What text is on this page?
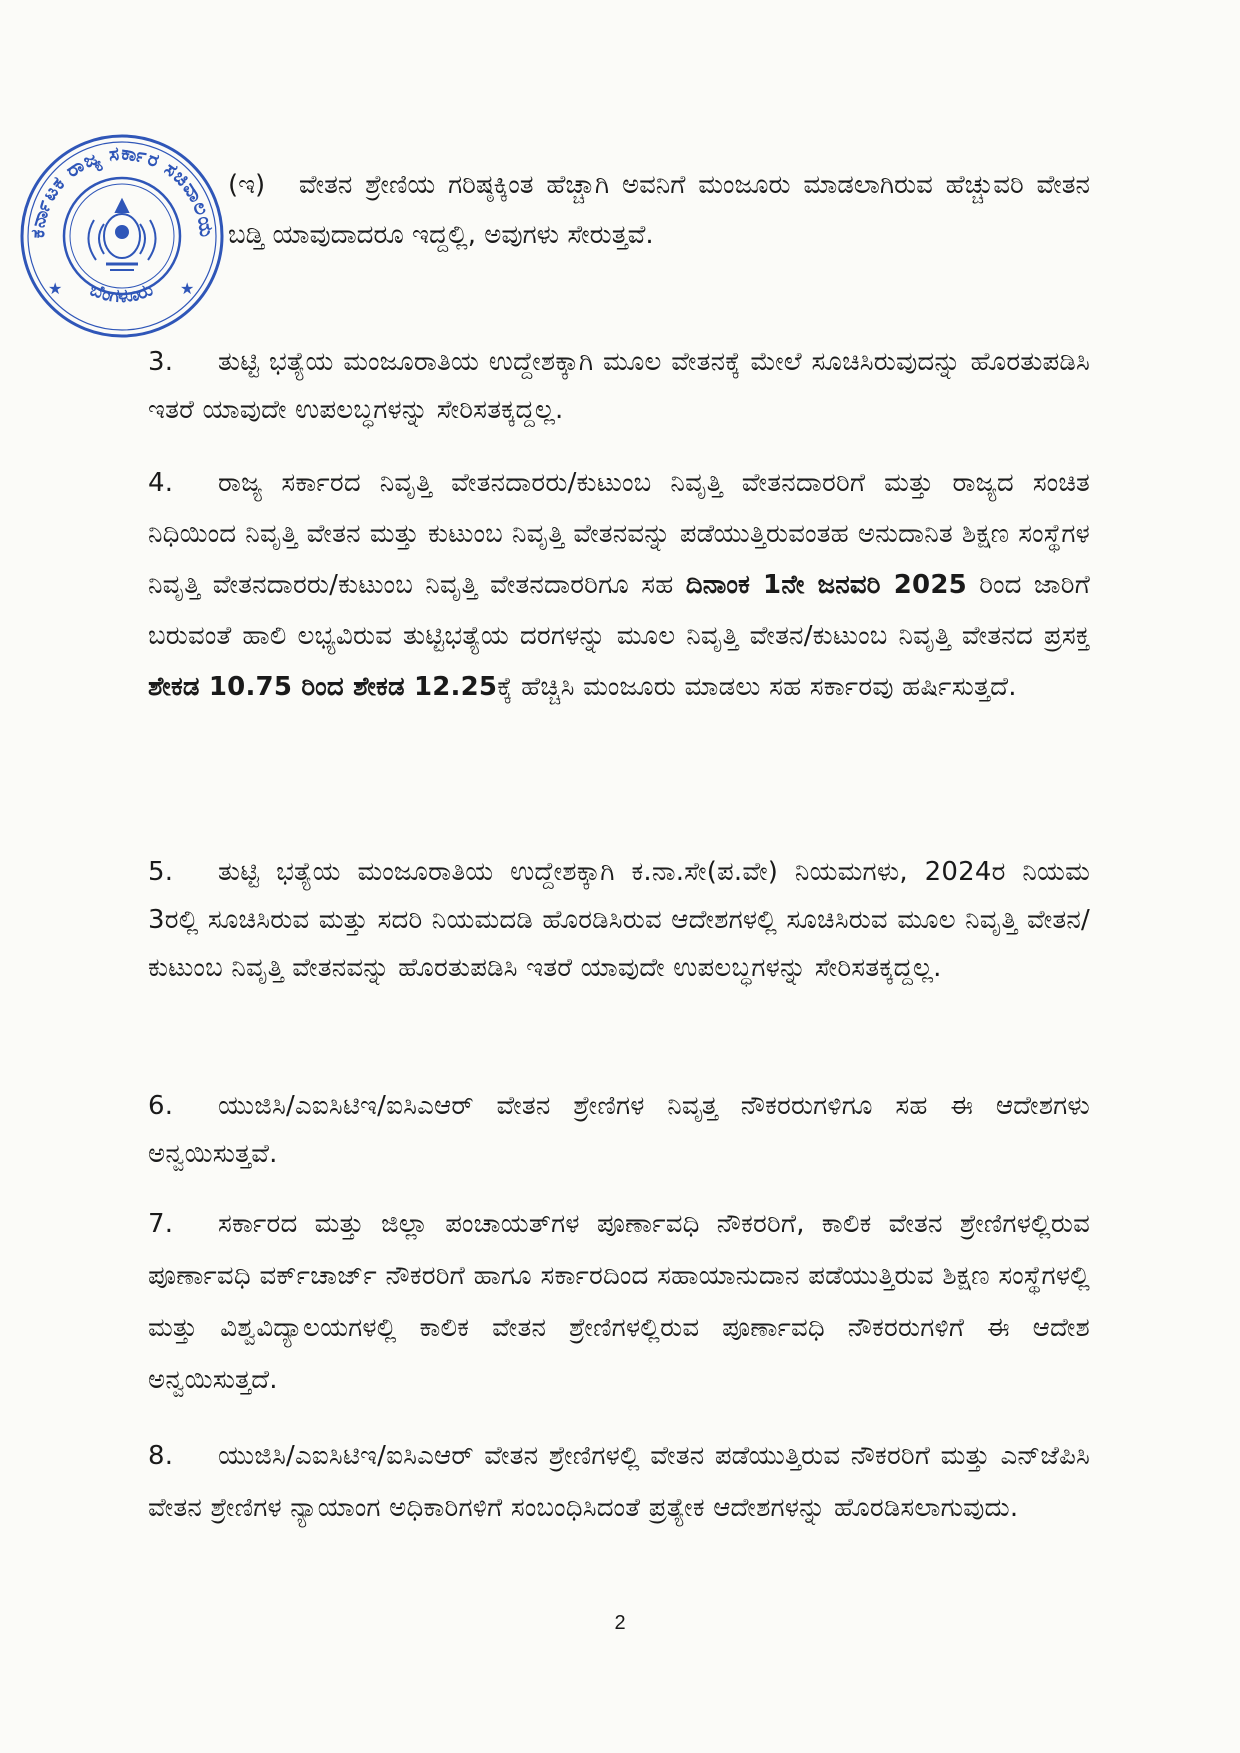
ಕರ್ನಾಟಕ ರಾಜ್ಯ ಸರ್ಕಾರ ಸಚಿವಾಲಯ
ಬೆಂಗಳೂರು
★	★
(ಇ) ವೇತನ ಶ್ರೇಣಿಯ ಗರಿಷ್ಠಕ್ಕಿಂತ ಹೆಚ್ಚಾಗಿ ಅವನಿಗೆ ಮಂಜೂರು ಮಾಡಲಾಗಿರುವ ಹೆಚ್ಚುವರಿ ವೇತನ ಬಡ್ತಿ ಯಾವುದಾದರೂ ಇದ್ದಲ್ಲಿ, ಅವುಗಳು ಸೇರುತ್ತವೆ.
3. ತುಟ್ಟಿ ಭತ್ಯೆಯ ಮಂಜೂರಾತಿಯ ಉದ್ದೇಶಕ್ಕಾಗಿ ಮೂಲ ವೇತನಕ್ಕೆ ಮೇಲೆ ಸೂಚಿಸಿರುವುದನ್ನು ಹೊರತುಪಡಿಸಿ ಇತರೆ ಯಾವುದೇ ಉಪಲಬ್ಧಗಳನ್ನು ಸೇರಿಸತಕ್ಕದ್ದಲ್ಲ.
4. ರಾಜ್ಯ ಸರ್ಕಾರದ ನಿವೃತ್ತಿ ವೇತನದಾರರು/ಕುಟುಂಬ ನಿವೃತ್ತಿ ವೇತನದಾರರಿಗೆ ಮತ್ತು ರಾಜ್ಯದ ಸಂಚಿತ ನಿಧಿಯಿಂದ ನಿವೃತ್ತಿ ವೇತನ ಮತ್ತು ಕುಟುಂಬ ನಿವೃತ್ತಿ ವೇತನವನ್ನು ಪಡೆಯುತ್ತಿರುವಂತಹ ಅನುದಾನಿತ ಶಿಕ್ಷಣ ಸಂಸ್ಥೆಗಳ ನಿವೃತ್ತಿ ವೇತನದಾರರು/ಕುಟುಂಬ ನಿವೃತ್ತಿ ವೇತನದಾರರಿಗೂ ಸಹ ದಿನಾಂಕ 1ನೇ ಜನವರಿ 2025 ರಿಂದ ಜಾರಿಗೆ ಬರುವಂತೆ ಹಾಲಿ ಲಭ್ಯವಿರುವ ತುಟ್ಟಿಭತ್ಯೆಯ ದರಗಳನ್ನು ಮೂಲ ನಿವೃತ್ತಿ ವೇತನ/ಕುಟುಂಬ ನಿವೃತ್ತಿ ವೇತನದ ಪ್ರಸಕ್ತ ಶೇಕಡ 10.75 ರಿಂದ ಶೇಕಡ 12.25ಕ್ಕೆ ಹೆಚ್ಚಿಸಿ ಮಂಜೂರು ಮಾಡಲು ಸಹ ಸರ್ಕಾರವು ಹರ್ಷಿಸುತ್ತದೆ.
5. ತುಟ್ಟಿ ಭತ್ಯೆಯ ಮಂಜೂರಾತಿಯ ಉದ್ದೇಶಕ್ಕಾಗಿ ಕ.ನಾ.ಸೇ(ಪ.ವೇ) ನಿಯಮಗಳು, 2024ರ ನಿಯಮ 3ರಲ್ಲಿ ಸೂಚಿಸಿರುವ ಮತ್ತು ಸದರಿ ನಿಯಮದಡಿ ಹೊರಡಿಸಿರುವ ಆದೇಶಗಳಲ್ಲಿ ಸೂಚಿಸಿರುವ ಮೂಲ ನಿವೃತ್ತಿ ವೇತನ/ಕುಟುಂಬ ನಿವೃತ್ತಿ ವೇತನವನ್ನು ಹೊರತುಪಡಿಸಿ ಇತರೆ ಯಾವುದೇ ಉಪಲಬ್ಧಗಳನ್ನು ಸೇರಿಸತಕ್ಕದ್ದಲ್ಲ.
6. ಯುಜಿಸಿ/ಎಐಸಿಟಿಇ/ಐಸಿಎಆರ್ ವೇತನ ಶ್ರೇಣಿಗಳ ನಿವೃತ್ತ ನೌಕರರುಗಳಿಗೂ ಸಹ ಈ ಆದೇಶಗಳು ಅನ್ವಯಿಸುತ್ತವೆ.
7. ಸರ್ಕಾರದ ಮತ್ತು ಜಿಲ್ಲಾ ಪಂಚಾಯತ್‌ಗಳ ಪೂರ್ಣಾವಧಿ ನೌಕರರಿಗೆ, ಕಾಲಿಕ ವೇತನ ಶ್ರೇಣಿಗಳಲ್ಲಿರುವ ಪೂರ್ಣಾವಧಿ ವರ್ಕ್‌ಚಾರ್ಜ್ ನೌಕರರಿಗೆ ಹಾಗೂ ಸರ್ಕಾರದಿಂದ ಸಹಾಯಾನುದಾನ ಪಡೆಯುತ್ತಿರುವ ಶಿಕ್ಷಣ ಸಂಸ್ಥೆಗಳಲ್ಲಿ ಮತ್ತು ವಿಶ್ವವಿದ್ಯಾಲಯಗಳಲ್ಲಿ ಕಾಲಿಕ ವೇತನ ಶ್ರೇಣಿಗಳಲ್ಲಿರುವ ಪೂರ್ಣಾವಧಿ ನೌಕರರುಗಳಿಗೆ ಈ ಆದೇಶ ಅನ್ವಯಿಸುತ್ತದೆ.
8. ಯುಜಿಸಿ/ಎಐಸಿಟಿಇ/ಐಸಿಎಆರ್ ವೇತನ ಶ್ರೇಣಿಗಳಲ್ಲಿ ವೇತನ ಪಡೆಯುತ್ತಿರುವ ನೌಕರರಿಗೆ ಮತ್ತು ಎನ್‌ಜೆಪಿಸಿ ವೇತನ ಶ್ರೇಣಿಗಳ ನ್ಯಾಯಾಂಗ ಅಧಿಕಾರಿಗಳಿಗೆ ಸಂಬಂಧಿಸಿದಂತೆ ಪ್ರತ್ಯೇಕ ಆದೇಶಗಳನ್ನು ಹೊರಡಿಸಲಾಗುವುದು.
2
